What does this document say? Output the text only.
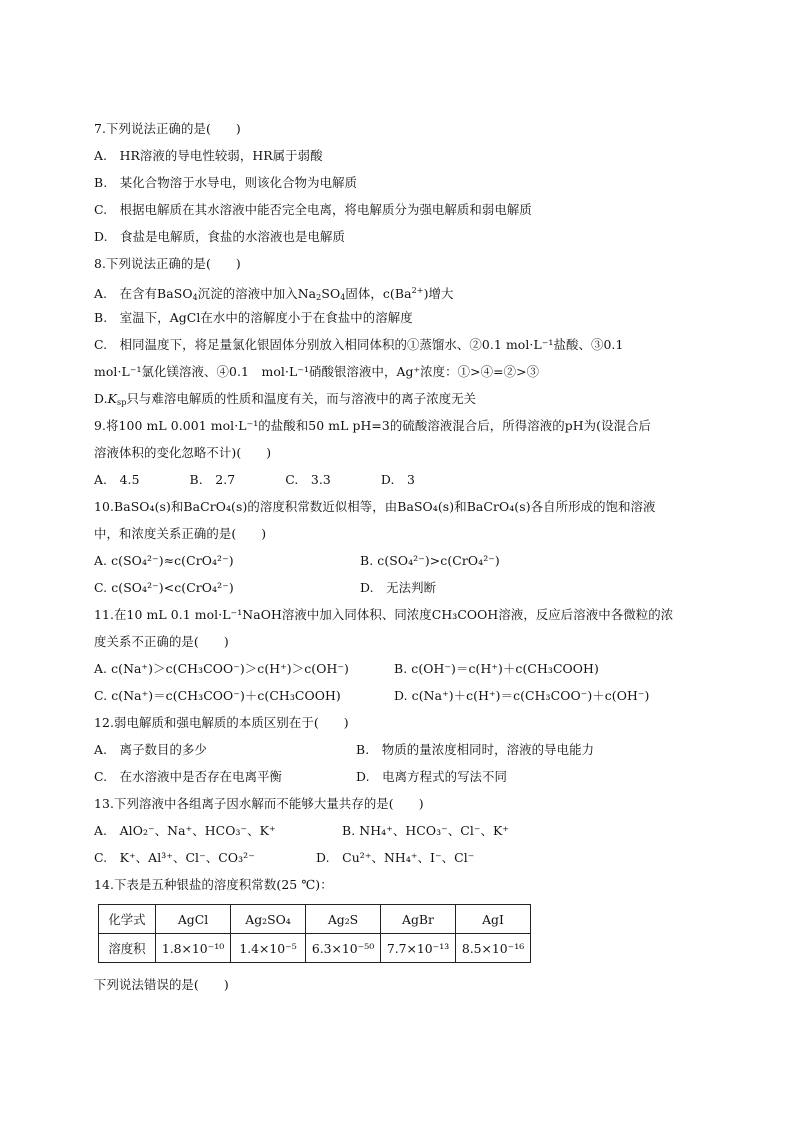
7.下列说法正确的是(　　)
A.　HR溶液的导电性较弱，HR属于弱酸
B.　某化合物溶于水导电，则该化合物为电解质
C.　根据电解质在其水溶液中能否完全电离，将电解质分为强电解质和弱电解质
D.　食盐是电解质，食盐的水溶液也是电解质
8.下列说法正确的是(　　)
A.　在含有BaSO$_4$沉淀的溶液中加入$Na_2SO_4$固体，$c(Ba^{2+})$增大
B.　室温下，AgCl在水中的溶解度小于在食盐中的溶解度
C.　相同温度下，将足量氯化银固体分别放入相同体积的①蒸馏水、②0.1 mol·L⁻¹盐酸、③0.1
mol·L⁻¹氯化镁溶液、④0.1　mol·L⁻¹硝酸银溶液中，Ag⁺浓度：①>④=②>③
$D.K_{sp}$只与难溶电解质的性质和温度有关，而与溶液中的离子浓度无关
9.将100 mL 0.001 mol·L⁻¹的盐酸和50 mL pH=3的硫酸溶液混合后，所得溶液的pH为(设混合后
溶液体积的变化忽略不计)(　　)
A.　4.5　　　　B.　2.7　　　　C.　3.3　　　　D.　3
10.BaSO₄(s)和BaCrO₄(s)的溶度积常数近似相等，由BaSO₄(s)和BaCrO₄(s)各自所形成的饱和溶液
中，和浓度关系正确的是(　　)
A. c(SO₄²⁻)≈c(CrO₄²⁻)	B. c(SO₄²⁻)>c(CrO₄²⁻)
C. c(SO₄²⁻)<c(CrO₄²⁻)	D.　无法判断
11.在10 mL 0.1 mol·L⁻¹NaOH溶液中加入同体积、同浓度CH₃COOH溶液，反应后溶液中各微粒的浓
度关系不正确的是(　　)
A. c(Na⁺)＞c(CH₃COO⁻)＞c(H⁺)＞c(OH⁻)	B. c(OH⁻)＝c(H⁺)＋c(CH₃COOH)
C. c(Na⁺)＝c(CH₃COO⁻)＋c(CH₃COOH)	D. c(Na⁺)＋c(H⁺)＝c(CH₃COO⁻)＋c(OH⁻)
12.弱电解质和强电解质的本质区别在于(　　)
A.　离子数目的多少	B.　物质的量浓度相同时，溶液的导电能力
C.　在水溶液中是否存在电离平衡	D.　电离方程式的写法不同
13.下列溶液中各组离子因水解而不能够大量共存的是(　　)
A.　AlO₂⁻、Na⁺、HCO₃⁻、K⁺	B. NH₄⁺、HCO₃⁻、Cl⁻、K⁺
C.　K⁺、Al³⁺、Cl⁻、CO₃²⁻	D.　Cu²⁺、NH₄⁺、I⁻、Cl⁻
14.下表是五种银盐的溶度积常数(25 ℃)：
化学式	AgCl	Ag₂SO₄	Ag₂S	AgBr	AgI
溶度积	1.8×10⁻¹⁰	1.4×10⁻⁵	6.3×10⁻⁵⁰	7.7×10⁻¹³	8.5×10⁻¹⁶
下列说法错误的是(　　)
